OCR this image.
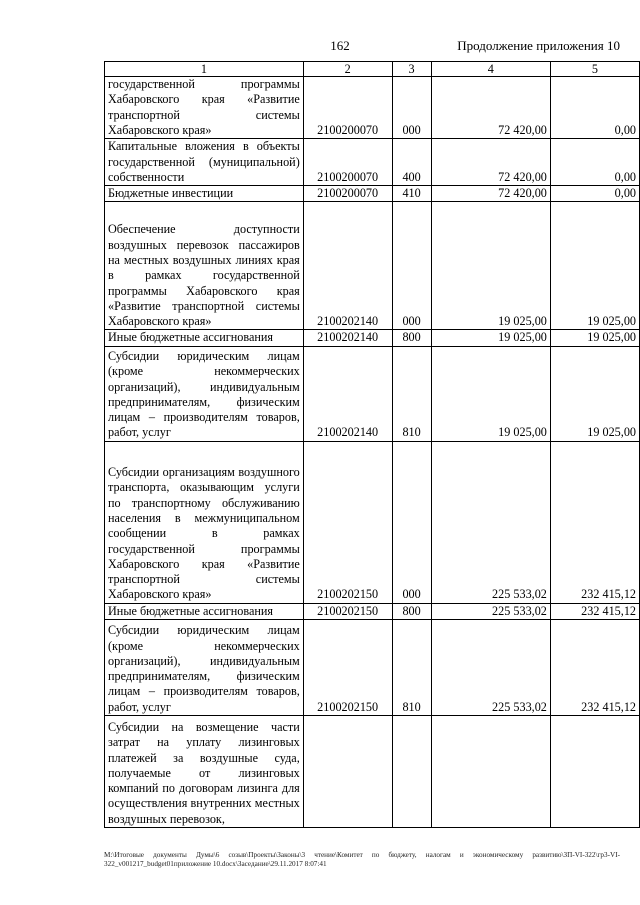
162	Продолжение приложения 10
1	2	3	4	5
государственной программы Хабаровского края «Развитие транспортной системы Хабаровского края»	2100200070	000	72 420,00	0,00
Капитальные вложения в объекты государственной (муниципальной) собственности	2100200070	400	72 420,00	0,00
Бюджетные инвестиции	2100200070	410	72 420,00	0,00
Обеспечение доступности воздушных перевозок пассажиров на местных воздушных линиях края в рамках государственной программы Хабаровского края «Развитие транспортной системы Хабаровского края»	2100202140	000	19 025,00	19 025,00
Иные бюджетные ассигнования	2100202140	800	19 025,00	19 025,00
Субсидии юридическим лицам (кроме некоммерческих организаций), индивидуальным предпринимателям, физическим лицам – производителям товаров, работ, услуг	2100202140	810	19 025,00	19 025,00
Субсидии организациям воздушного транспорта, оказывающим услуги по транспортному обслуживанию населения в межмуниципальном сообщении в рамках государственной программы Хабаровского края «Развитие транспортной системы Хабаровского края»	2100202150	000	225 533,02	232 415,12
Иные бюджетные ассигнования	2100202150	800	225 533,02	232 415,12
Субсидии юридическим лицам (кроме некоммерческих организаций), индивидуальным предпринимателям, физическим лицам – производителям товаров, работ, услуг	2100202150	810	225 533,02	232 415,12
Субсидии на возмещение части затрат на уплату лизинговых платежей за воздушные суда, получаемые от лизинговых компаний по договорам лизинга для осуществления внутренних местных воздушных перевозок,				
М:\Итоговые документы Думы\6 созыв\Проекты\Законы\3 чтение\Комитет по бюджету, налогам и экономическому развитию\ЗП-VI-322\гр3-VI-322_v001217_budget01приложение 10.docx\Заседание\29.11.2017 8:07:41
